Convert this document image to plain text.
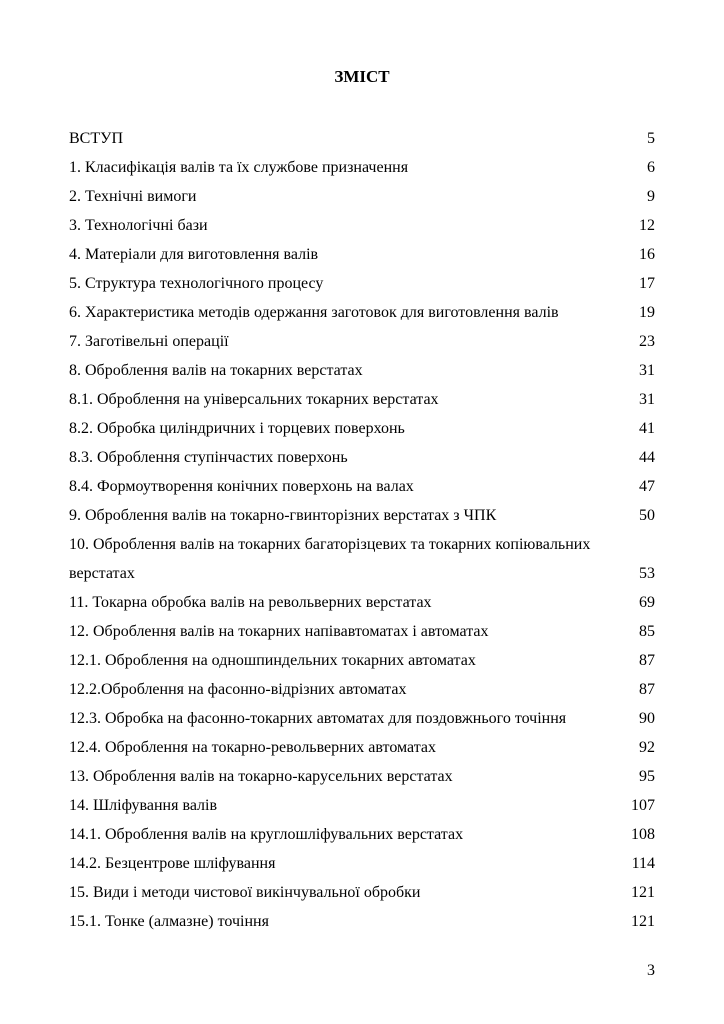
ЗМІСТ
ВСТУП	5
1. Класифікація валів та їх службове призначення	6
2. Технічні вимоги	9
3. Технологічні бази	12
4. Матеріали для виготовлення валів	16
5. Структура технологічного процесу	17
6. Характеристика методів одержання заготовок для виготовлення валів	19
7. Заготівельні операції	23
8. Оброблення валів на токарних верстатах	31
8.1. Оброблення на універсальних токарних верстатах	31
8.2. Обробка циліндричних і торцевих поверхонь	41
8.3. Оброблення ступінчастих поверхонь	44
8.4. Формоутворення конічних поверхонь на валах	47
9. Оброблення валів на токарно-гвинторізних верстатах з ЧПК	50
10. Оброблення валів на токарних багаторізцевих та токарних копіювальних
верстатах	53
11. Токарна обробка валів на револьверних верстатах	69
12. Оброблення валів на токарних напівавтоматах і автоматах	85
12.1. Оброблення на одношпиндельних токарних автоматах	87
12.2.Оброблення на фасонно-відрізних автоматах	87
12.3. Обробка на фасонно-токарних автоматах для поздовжнього точіння	90
12.4. Оброблення на токарно-револьверних автоматах	92
13. Оброблення валів на токарно-карусельних верстатах	95
14. Шліфування валів	107
14.1. Оброблення валів на круглошліфувальних верстатах	108
14.2. Безцентрове шліфування	114
15. Види і методи чистової викінчувальної обробки	121
15.1. Тонке (алмазне) точіння	121
3
